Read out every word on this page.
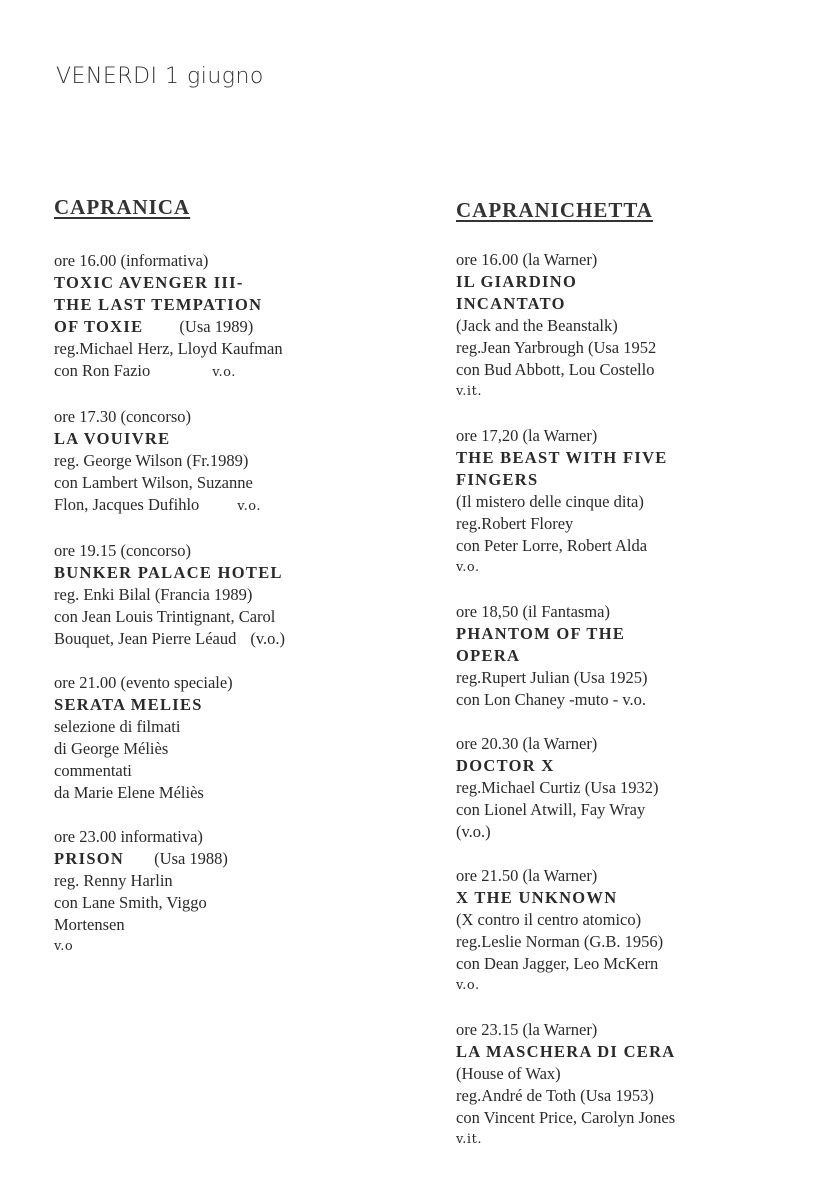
VENERDI 1 giugno
CAPRANICA
ore 16.00 (informativa)
TOXIC AVENGER III-
THE LAST TEMPATION
OF TOXIE (Usa 1989)
reg.Michael Herz, Lloyd Kaufman
con Ron Fazio	v.o.
ore 17.30 (concorso)
LA VOUIVRE
reg. George Wilson (Fr.1989)
con Lambert Wilson, Suzanne
Flon, Jacques Dufihlo	v.o.
ore 19.15 (concorso)
BUNKER PALACE HOTEL
reg. Enki Bilal (Francia 1989)
con Jean Louis Trintignant, Carol
Bouquet, Jean Pierre Léaud (v.o.)
ore 21.00 (evento speciale)
SERATA MELIES
selezione di filmati
di George Méliès
commentati
da Marie Elene Méliès
ore 23.00 informativa)
PRISON (Usa 1988)
reg. Renny Harlin
con Lane Smith, Viggo
Mortensen
v.o
CAPRANICHETTA
ore 16.00 (la Warner)
IL GIARDINO
INCANTATO
(Jack and the Beanstalk)
reg.Jean Yarbrough (Usa 1952
con Bud Abbott, Lou Costello
v.it.
ore 17,20 (la Warner)
THE BEAST WITH FIVE
FINGERS
(Il mistero delle cinque dita)
reg.Robert Florey
con Peter Lorre, Robert Alda
v.o.
ore 18,50 (il Fantasma)
PHANTOM OF THE
OPERA
reg.Rupert Julian (Usa 1925)
con Lon Chaney -muto - v.o.
ore 20.30 (la Warner)
DOCTOR X
reg.Michael Curtiz (Usa 1932)
con Lionel Atwill, Fay Wray
(v.o.)
ore 21.50 (la Warner)
X THE UNKNOWN
(X contro il centro atomico)
reg.Leslie Norman (G.B. 1956)
con Dean Jagger, Leo McKern
v.o.
ore 23.15 (la Warner)
LA MASCHERA DI CERA
(House of Wax)
reg.André de Toth (Usa 1953)
con Vincent Price, Carolyn Jones
v.it.
